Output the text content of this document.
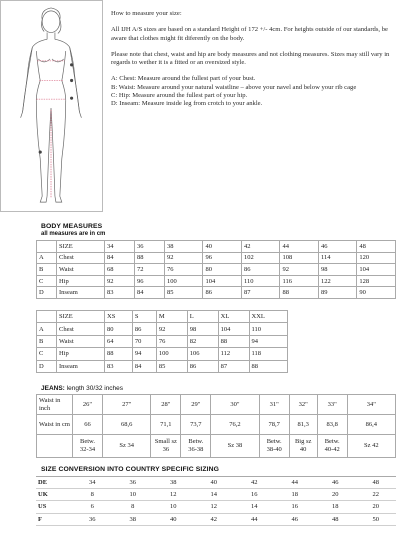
How to measure your size:

All IJH A/S sizes are based on a standard Height of 172 +/- 4cm. For heights outside of our standards, be aware that clothes might fit diferently on the body.

Please note that chest, waist and hip are body measures and not clothing measures. Sizes may still vary in regards to wether it is a fitted or an oversized style.

A: Chest: Measure around the fullest part of your bust.

B: Waist: Measure around your natural waistline – above your navel and below your rib cage

C: Hip: Measure around the fullest part of your hip.

D: Inseam: Measure inside leg from crotch to your ankle.

BODY MEASURES
all measures are in cm
	SIZE	34	36	38	40	42	44	46	48
A	Chest	84	88	92	96	102	108	114	120
B	Waist	68	72	76	80	86	92	98	104
C	Hip	92	96	100	104	110	116	122	128
D	Inseam	83	84	85	86	87	88	89	90
	SIZE	XS	S	M	L	XL	XXL
A	Chest	80	86	92	98	104	110
B	Waist	64	70	76	82	88	94
C	Hip	88	94	100	106	112	118
D	Inseam	83	84	85	86	87	88
JEANS: length 30/32 inches
Waist in inch	26"	27"	28"	29"	30"	31"	32"	33"	34"
Waist in cm	66	68,6	71,1	73,7	76,2	78,7	81,3	83,8	86,4
	Betw. 32-34	Sz 34	Small sz 36	Betw. 36-38	Sz 38	Betw. 38-40	Big sz 40	Betw. 40-42	Sz 42
SIZE CONVERSION INTO COUNTRY SPECIFIC SIZING
DE	34	36	38	40	42	44	46	48
UK	8	10	12	14	16	18	20	22
US	6	8	10	12	14	16	18	20
F	36	38	40	42	44	46	48	50
